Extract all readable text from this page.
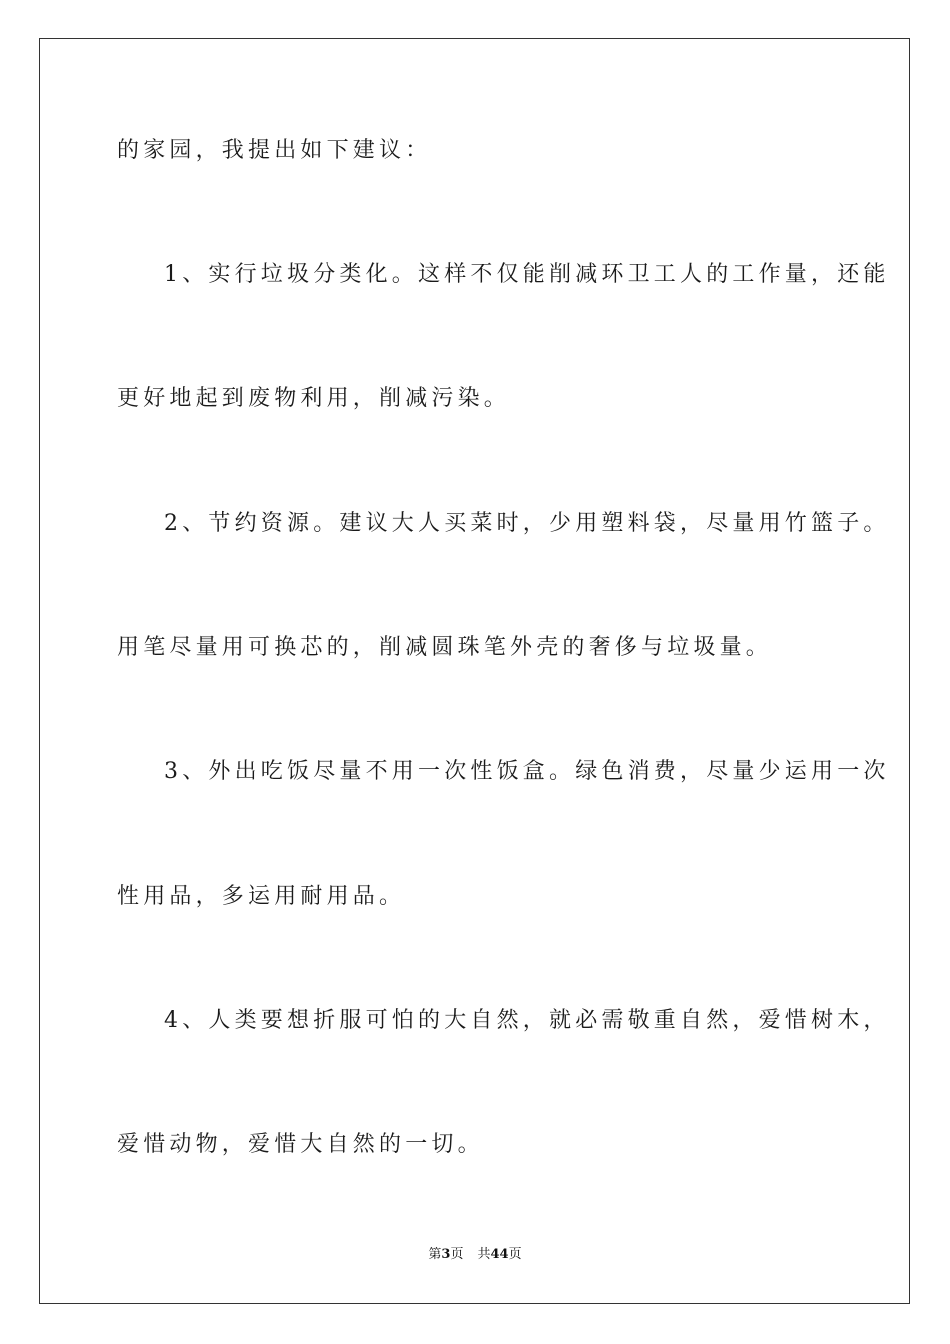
的家园，我提出如下建议：
1、实行垃圾分类化。这样不仅能削减环卫工人的工作量，还能
更好地起到废物利用，削减污染。
2、节约资源。建议大人买菜时，少用塑料袋，尽量用竹篮子。
用笔尽量用可换芯的，削减圆珠笔外壳的奢侈与垃圾量。
3、外出吃饭尽量不用一次性饭盒。绿色消费，尽量少运用一次
性用品，多运用耐用品。
4、人类要想折服可怕的大自然，就必需敬重自然，爱惜树木，
爱惜动物，爱惜大自然的一切。
第3页 共44页
